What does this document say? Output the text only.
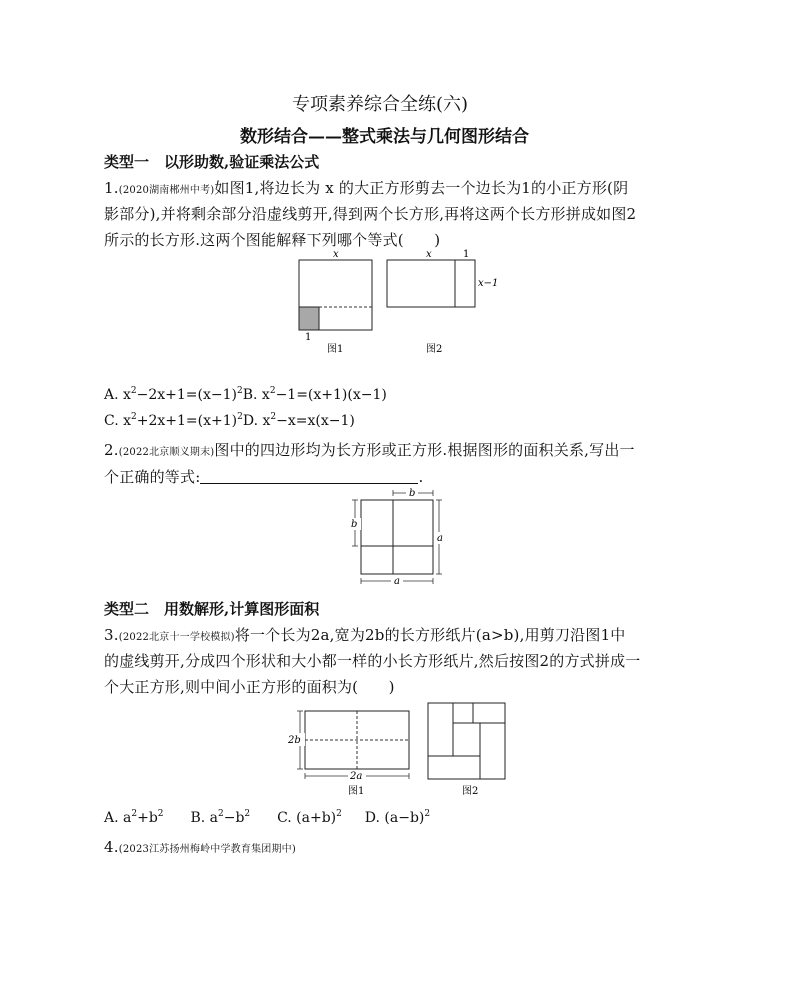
专项素养综合全练(六)
数形结合——整式乘法与几何图形结合
类型一　以形助数,验证乘法公式
1.(2020湖南郴州中考)如图1,将边长为 x 的大正方形剪去一个边长为1的小正方形(阴
影部分),并将剩余部分沿虚线剪开,得到两个长方形,再将这两个长方形拼成如图2
所示的长方形.这两个图能解释下列哪个等式(　　)
x
1
图1
x	1
x−1
图2
A. $x^2-2x+1=(x-1)^2B$. $x^2-1=(x+1)(x-1)$
C. $x^2+2x+1=(x+1)^2D$. $x^2-x=x(x-1)$
2.(2022北京顺义期末)图中的四边形均为长方形或正方形.根据图形的面积关系,写出一
个正确的等式:	.
b
b
a
a
类型二　用数解形,计算图形面积
3.(2022北京十一学校模拟)将一个长为2a,宽为2b的长方形纸片(a>b),用剪刀沿图1中
的虚线剪开,分成四个形状和大小都一样的小长方形纸片,然后按图2的方式拼成一
个大正方形,则中间小正方形的面积为(　　)
2b
2a
图1	图2
A. $a^2+b^2$ B. $a^2-b^2$ C. $(a+b)^2$ D. $(a-b)^2$
4.(2023江苏扬州梅岭中学教育集团期中)
